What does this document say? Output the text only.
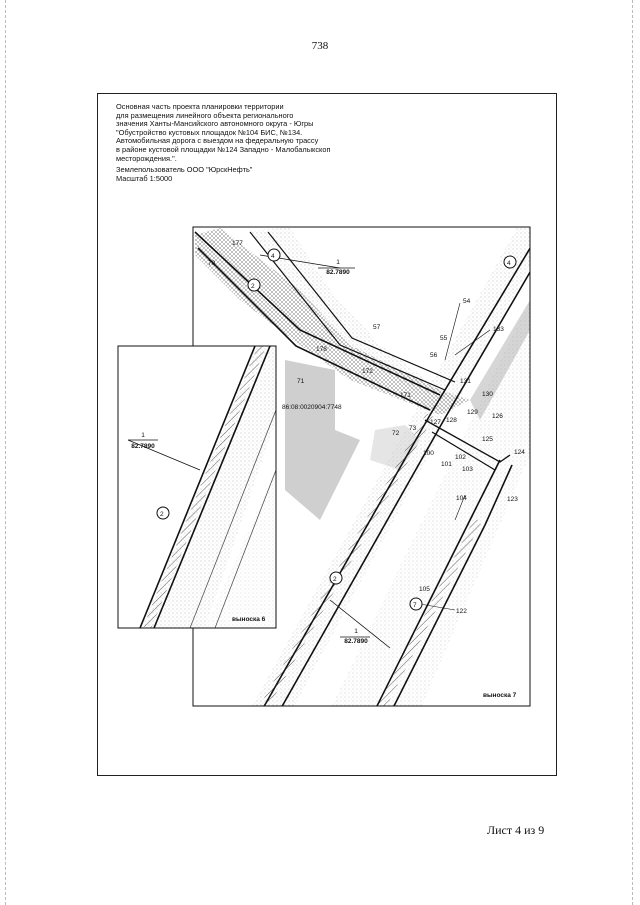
738
Основная часть проекта планировки территории
для размещения линейного объекта регионального
значения Ханты-Мансийского автономного округа - Югры
"Обустройство кустовых площадок №104 БИС, №134.
Автомобильная дорога с выездом на федеральную трассу
в районе кустовой площадки №124 Западно - Малобалыкскоп
месторождения.".
Землепользователь ООО "ЮрскНефть"
Масштаб 1:5000
177
70
57
54
55
133
56
178
172
71	131
171	130
129
128
127
126
73
72
125
100
102
101
103
124
104	123
105
122
4
4
2
2
7
1
82.7890
1
82.7890
86:08:0020904:7748
выноска 7
1
82.7890
2
выноска 6
Лист 4 из 9
